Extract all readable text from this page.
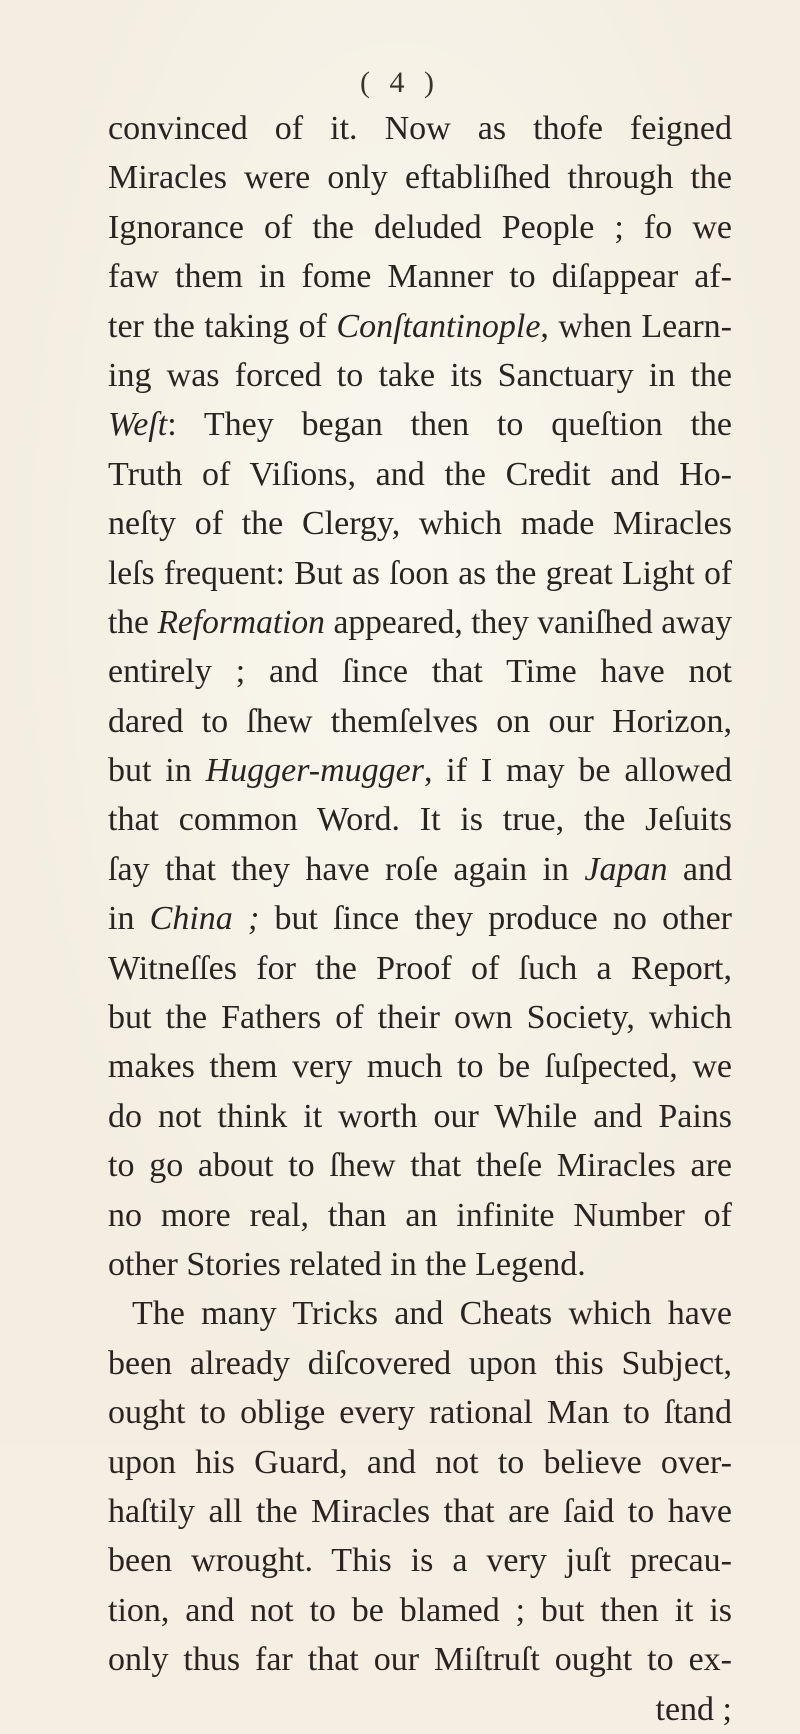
( 4 )
convinced of it. Now as thofe feigned
Miracles were only eftabliſhed through the
Ignorance of the deluded People ; fo we
faw them in fome Manner to diſappear af-
ter the taking of Conſtantinople, when Learn-
ing was forced to take its Sanctuary in the
Weſt: They began then to queſtion the
Truth of Viſions, and the Credit and Ho-
neſty of the Clergy, which made Miracles
leſs frequent: But as ſoon as the great Light of
the Reformation appeared, they vaniſhed away
entirely ; and ſince that Time have not
dared to ſhew themſelves on our Horizon,
but in Hugger-mugger, if I may be allowed
that common Word. It is true, the Jeſuits
ſay that they have roſe again in Japan and
in China ; but ſince they produce no other
Witneſſes for the Proof of ſuch a Report,
but the Fathers of their own Society, which
makes them very much to be ſuſpected, we
do not think it worth our While and Pains
to go about to ſhew that theſe Miracles are
no more real, than an infinite Number of
other Stories related in the Legend.
The many Tricks and Cheats which have
been already diſcovered upon this Subject,
ought to oblige every rational Man to ſtand
upon his Guard, and not to believe over-
haſtily all the Miracles that are ſaid to have
been wrought. This is a very juſt precau-
tion, and not to be blamed ; but then it is
only thus far that our Miſtruſt ought to ex-
tend ;
